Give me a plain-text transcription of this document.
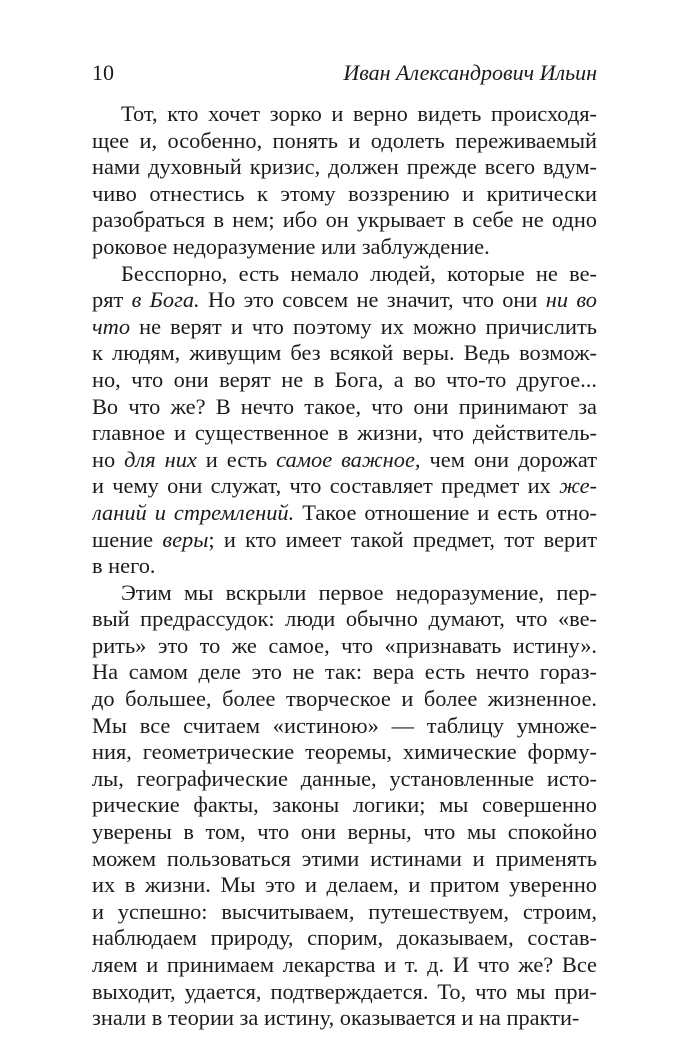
10	Иван Александрович Ильин
Тот, кто хочет зорко и верно видеть происходя-
щее и, особенно, понять и одолеть переживаемый
нами духовный кризис, должен прежде всего вдум-
чиво отнестись к этому воззрению и критически
разобраться в нем; ибо он укрывает в себе не одно
роковое недоразумение или заблуждение.
Бесспорно, есть немало людей, которые не ве-
рят в Бога. Но это совсем не значит, что они ни во
что не верят и что поэтому их можно причислить
к людям, живущим без всякой веры. Ведь возмож-
но, что они верят не в Бога, а во что-то другое...
Во что же? В нечто такое, что они принимают за
главное и существенное в жизни, что действитель-
но для них и есть самое важное, чем они дорожат
и чему они служат, что составляет предмет их же-
ланий и стремлений. Такое отношение и есть отно-
шение веры; и кто имеет такой предмет, тот верит
в него.
Этим мы вскрыли первое недоразумение, пер-
вый предрассудок: люди обычно думают, что «ве-
рить» это то же самое, что «признавать истину».
На самом деле это не так: вера есть нечто горaз-
до большее, более творческое и более жизненное.
Мы все считаем «истиною» — таблицу умноже-
ния, геометрические теоремы, химические форму-
лы, географические данные, установленные исто-
рические факты, законы логики; мы совершенно
уверены в том, что они верны, что мы спокойно
можем пользоваться этими истинами и применять
их в жизни. Мы это и делаем, и притом уверенно
и успешно: высчитываем, путешествуем, строим,
наблюдаем природу, спорим, доказываем, состав-
ляем и принимаем лекарства и т. д. И что же? Все
выходит, удается, подтверждается. То, что мы при-
знали в теории за истину, оказывается и на практи-
